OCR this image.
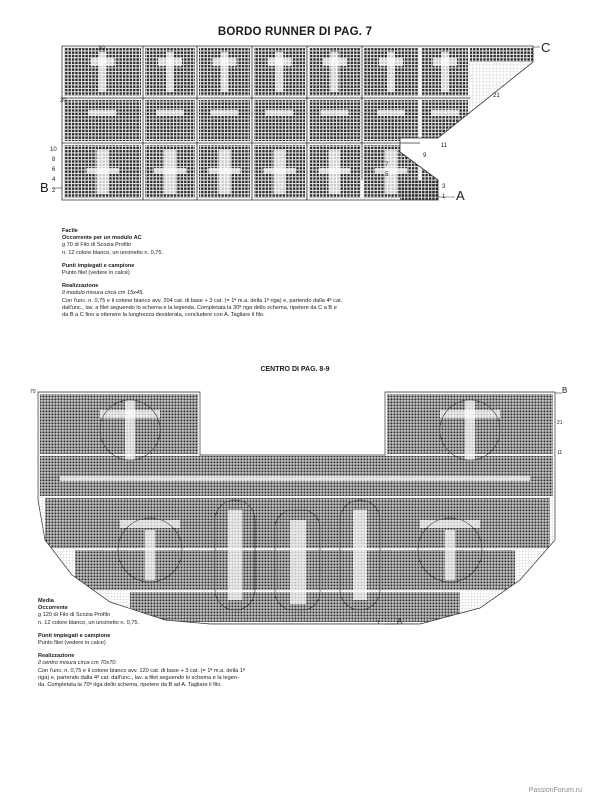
BORDO RUNNER DI PAG. 7
30
20
10
8
6
4
2
21
11
9
7
5
3
1
B
C
A
Facile
Occorrente per un modulo AC
g 70 di Filo di Scozia Profilo
n. 12 colore bianco, un uncinetto n. 0,75.
Punti impiegati e campione
Punto filet (vedere in calce)
Realizzazione
Il modulo misura circa cm 15x45.
Con l'unc. n. 0,75 e il cotone bianco avv. 204 cat. di base + 3 cat. (= 1ª m.a. della 1ª riga) e, partendo dalla 4ª cat.
dall'unc., lav. a filet seguendo lo schema e la legenda. Completata la 30ª riga dello schema, ripetere da C a B e
da B a C fino a ottenere la lunghezza desiderata, concludere con A. Tagliare il filo.
CENTRO DI PAG. 8-9
70
21
11
1
B
A
Media
Occorrente
g 120 di Filo di Scozia Profilo
n. 12 colore bianco, un uncinetto n. 0,75.
Punti impiegati e campione
Punto filet (vedere in calce)
Realizzazione
Il centro misura circa cm 70x70.
Con l'unc. n. 0,75 e il cotone bianco avv. 120 cat. di base + 3 cat. (= 1ª m.a. della 1ª
riga) e, partendo dalla 4ª cat. dall'unc., lav. a filet seguendo lo schema e la legen-
da. Completata la 70ª riga dello schema, ripetere da B ad A. Tagliare il filo.
PassionForum.ru
